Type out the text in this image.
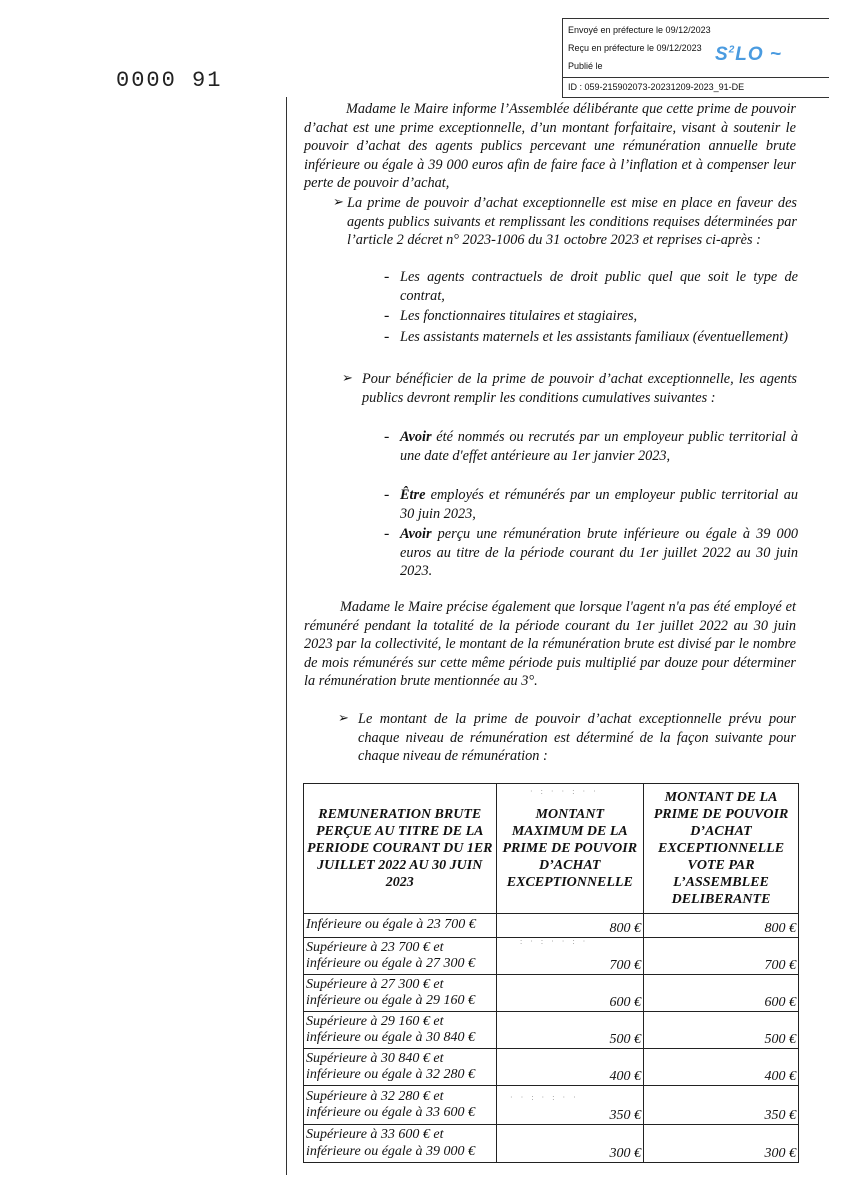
Envoyé en préfecture le 09/12/2023
Reçu en préfecture le 09/12/2023
Publié le
ID : 059-215902073-20231209-2023_91-DE
$S^2LO$ ~
0000 91
Madame le Maire informe l’Assemblée délibérante que cette prime de pouvoir d’achat est une prime exceptionnelle, d’un montant forfaitaire, visant à soutenir le pouvoir d’achat des agents publics percevant une rémunération annuelle brute inférieure ou égale à 39 000 euros afin de faire face à l’inflation et à compenser leur perte de pouvoir d’achat,
➢ La prime de pouvoir d’achat exceptionnelle est mise en place en faveur des agents publics suivants et remplissant les conditions requises déterminées par l’article 2 décret n° 2023-1006 du 31 octobre 2023 et reprises ci-après :
- Les agents contractuels de droit public quel que soit le type de contrat,
- Les fonctionnaires titulaires et stagiaires,
- Les assistants maternels et les assistants familiaux (éventuellement)
➢ Pour bénéficier de la prime de pouvoir d’achat exceptionnelle, les agents publics devront remplir les conditions cumulatives suivantes :
- Avoir été nommés ou recrutés par un employeur public territorial à une date d'effet antérieure au 1er janvier 2023,
- Être employés et rémunérés par un employeur public territorial au 30 juin 2023,
- Avoir perçu une rémunération brute inférieure ou égale à 39 000 euros au titre de la période courant du 1er juillet 2022 au 30 juin 2023.
Madame le Maire précise également que lorsque l'agent n'a pas été employé et rémunéré pendant la totalité de la période courant du 1er juillet 2022 au 30 juin 2023 par la collectivité, le montant de la rémunération brute est divisé par le nombre de mois rémunérés sur cette même période puis multiplié par douze pour déterminer la rémunération brute mentionnée au 3°.
➢ Le montant de la prime de pouvoir d’achat exceptionnelle prévu pour chaque niveau de rémunération est déterminé de la façon suivante pour chaque niveau de rémunération :
REMUNERATION BRUTE PERÇUE AU TITRE DE LA PERIODE COURANT DU 1ER JUILLET 2022 AU 30 JUIN 2023	MONTANT MAXIMUM DE LA PRIME DE POUVOIR D’ACHAT EXCEPTIONNELLE	MONTANT DE LA PRIME DE POUVOIR D’ACHAT EXCEPTIONNELLE VOTE PAR L’ASSEMBLEE DELIBERANTE
Inférieure ou égale à 23 700 €	800 €	800 €
Supérieure à 23 700 € et inférieure ou égale à 27 300 €	700 €	700 €
Supérieure à 27 300 € et inférieure ou égale à 29 160 €	600 €	600 €
Supérieure à 29 160 € et inférieure ou égale à 30 840 €	500 €	500 €
Supérieure à 30 840 € et inférieure ou égale à 32 280 €	400 €	400 €
Supérieure à 32 280 € et inférieure ou égale à 33 600 €	350 €	350 €
Supérieure à 33 600 € et inférieure ou égale à 39 000 €	300 €	300 €
· : · · : · ·
: · : · · : ·
· · : · : · ·
